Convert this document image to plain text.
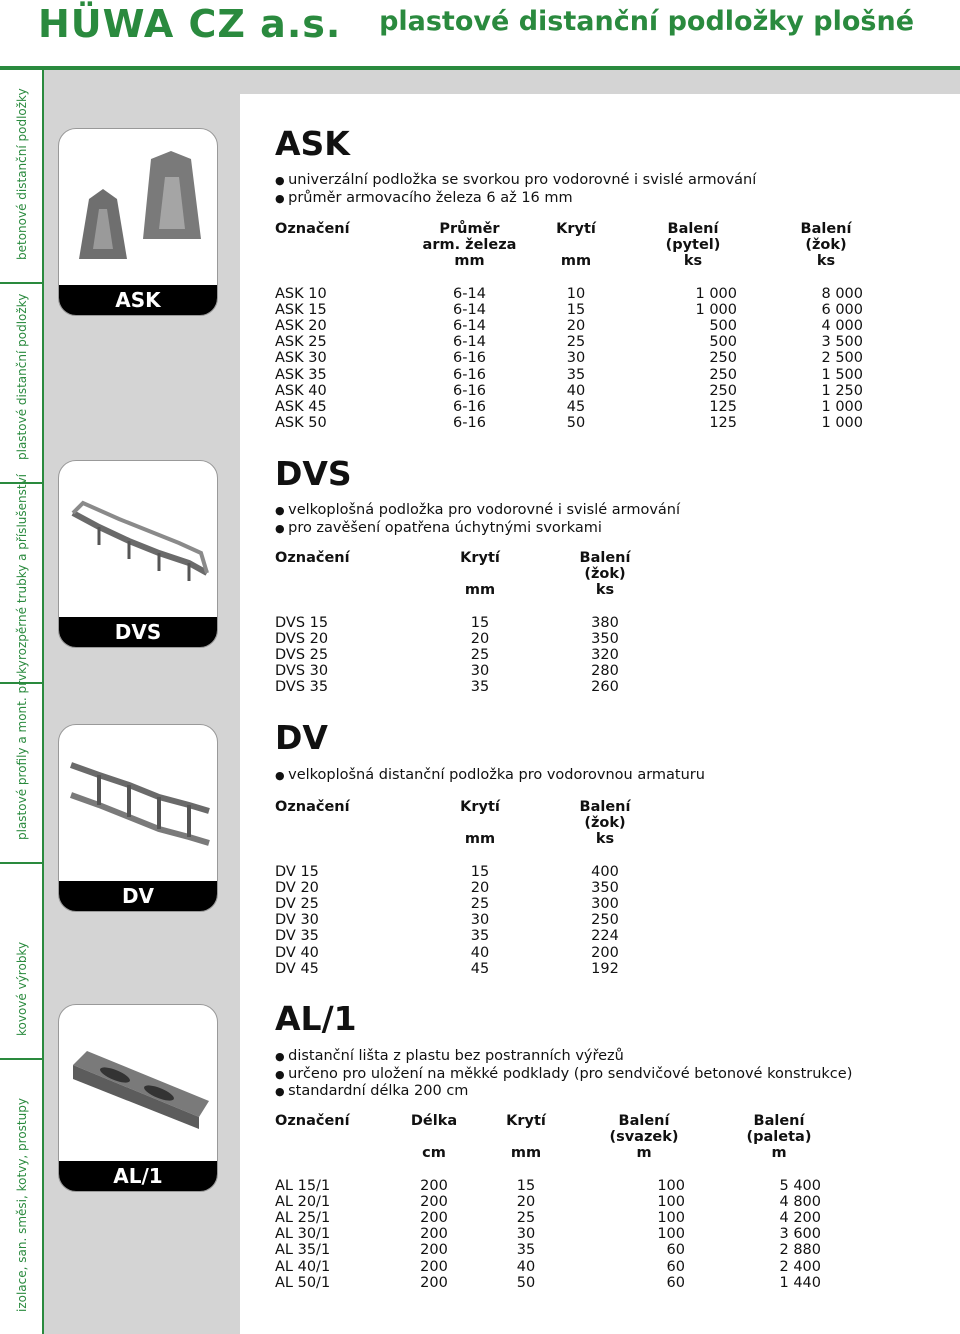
HÜWA CZ a.s. plastové distanční podložky plošné
betonové distanční podložky
plastové distanční podložky
rozpěrné trubky a příslušenství
plastové profily a mont. prvky
kovové výrobky
izolace, san. směsi, kotvy, prostupy
ASK
DVS
DV
AL/1
ASK
● univerzální podložka se svorkou pro vodorovné i svislé armování
● průměr armovacího železa 6 až 16 mm
Označení	Průměr	Krytí	Balení	Balení
	arm. železa		(pytel)	(žok)
	mm	mm	ks	ks

ASK 10	6-14	10	1 000	8 000
ASK 15	6-14	15	1 000	6 000
ASK 20	6-14	20	500	4 000
ASK 25	6-14	25	500	3 500
ASK 30	6-16	30	250	2 500
ASK 35	6-16	35	250	1 500
ASK 40	6-16	40	250	1 250
ASK 45	6-16	45	125	1 000
ASK 50	6-16	50	125	1 000
DVS
● velkoplošná podložka pro vodorovné i svislé armování
● pro zavěšení opatřena úchytnými svorkami
Označení	Krytí	Balení
		(žok)
	mm	ks

DVS 15	15	380
DVS 20	20	350
DVS 25	25	320
DVS 30	30	280
DVS 35	35	260
DV
● velkoplošná distanční podložka pro vodorovnou armaturu
Označení	Krytí	Balení
		(žok)
	mm	ks

DV 15	15	400
DV 20	20	350
DV 25	25	300
DV 30	30	250
DV 35	35	224
DV 40	40	200
DV 45	45	192
AL/1
● distanční lišta z plastu bez postranních výřezů
● určeno pro uložení na měkké podklady (pro sendvičové betonové konstrukce)
● standardní délka 200 cm
Označení	Délka	Krytí	Balení	Balení
			(svazek)	(paleta)
	cm	mm	m	m

AL 15/1	200	15	100	5 400
AL 20/1	200	20	100	4 800
AL 25/1	200	25	100	4 200
AL 30/1	200	30	100	3 600
AL 35/1	200	35	60	2 880
AL 40/1	200	40	60	2 400
AL 50/1	200	50	60	1 440
